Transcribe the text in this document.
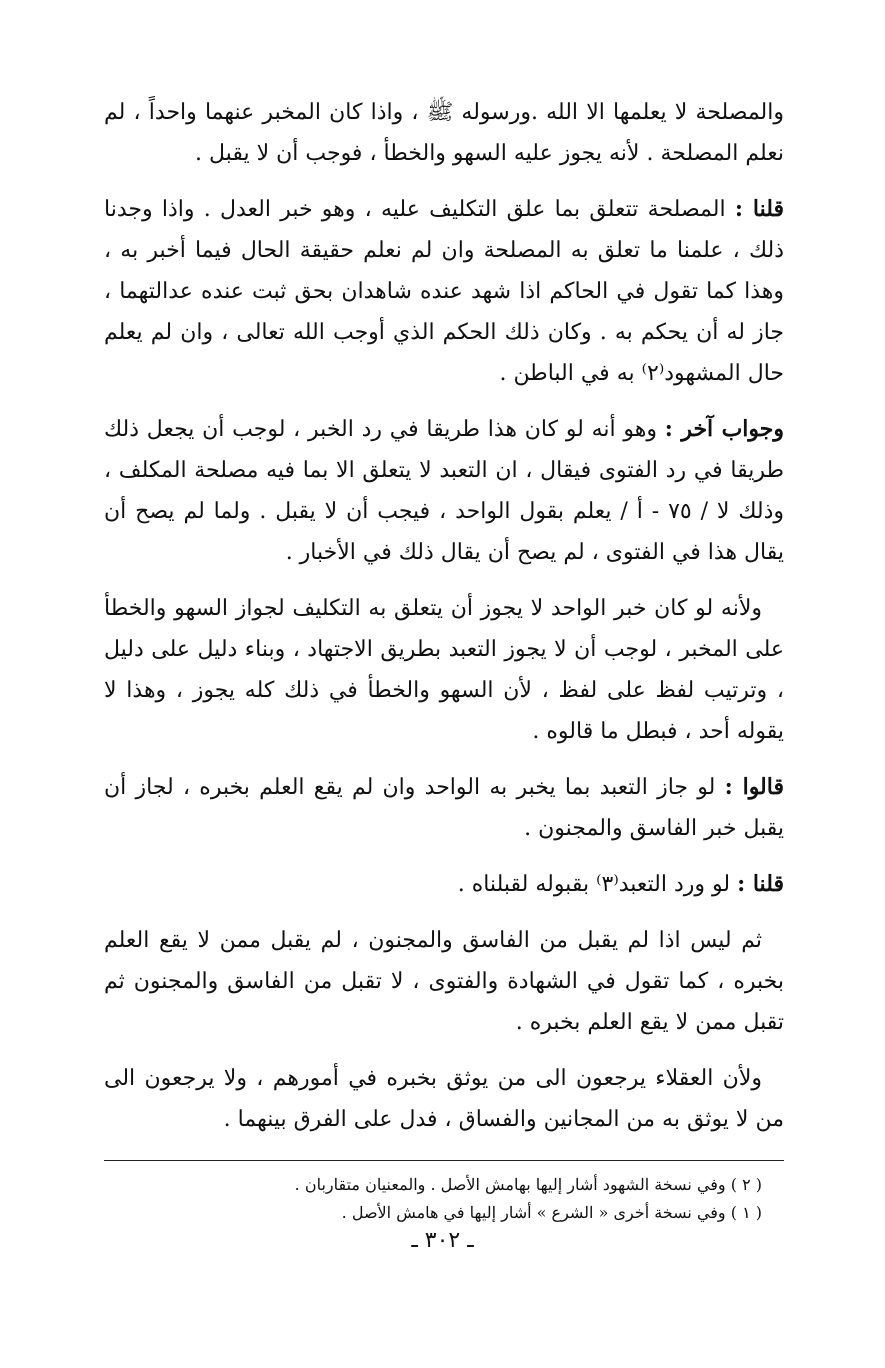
والمصلحة لا يعلمها الا الله .ورسوله ﷺ ، واذا كان المخبر عنهما واحداً ، لم نعلم المصلحة . لأنه يجوز عليه السهو والخطأ ، فوجب أن لا يقبل .

قلنا : المصلحة تتعلق بما علق التكليف عليه ، وهو خبر العدل . واذا وجدنا ذلك ، علمنا ما تعلق به المصلحة وان لم نعلم حقيقة الحال فيما أخبر به ، وهذا كما تقول في الحاكم اذا شهد عنده شاهدان بحق ثبت عنده عدالتهما ، جاز له أن يحكم به . وكان ذلك الحكم الذي أوجب الله تعالى ، وان لم يعلم حال المشهود⁽٢⁾ به في الباطن .

وجواب آخر : وهو أنه لو كان هذا طريقا في رد الخبر ، لوجب أن يجعل ذلك طريقا في رد الفتوى فيقال ، ان التعبد لا يتعلق الا بما فيه مصلحة المكلف ، وذلك لا / ٧٥ - أ / يعلم بقول الواحد ، فيجب أن لا يقبل . ولما لم يصح أن يقال هذا في الفتوى ، لم يصح أن يقال ذلك في الأخبار .

ولأنه لو كان خبر الواحد لا يجوز أن يتعلق به التكليف لجواز السهو والخطأ على المخبر ، لوجب أن لا يجوز التعبد بطريق الاجتهاد ، وبناء دليل على دليل ، وترتيب لفظ على لفظ ، لأن السهو والخطأ في ذلك كله يجوز ، وهذا لا يقوله أحد ، فبطل ما قالوه .

قالوا : لو جاز التعبد بما يخبر به الواحد وان لم يقع العلم بخبره ، لجاز أن يقبل خبر الفاسق والمجنون .

قلنا : لو ورد التعبد⁽٣⁾ بقبوله لقبلناه .

ثم ليس اذا لم يقبل من الفاسق والمجنون ، لم يقبل ممن لا يقع العلم بخبره ، كما تقول في الشهادة والفتوى ، لا تقبل من الفاسق والمجنون ثم تقبل ممن لا يقع العلم بخبره .

ولأن العقلاء يرجعون الى من يوثق بخبره في أمورهم ، ولا يرجعون الى من لا يوثق به من المجانين والفساق ، فدل على الفرق بينهما .

( ٢ ) وفي نسخة الشهود أشار إليها بهامش الأصل . والمعنيان متقاربان .

( ١ ) وفي نسخة أخرى « الشرع » أشار إليها في هامش الأصل .

ـ ٣٠٢ ـ
